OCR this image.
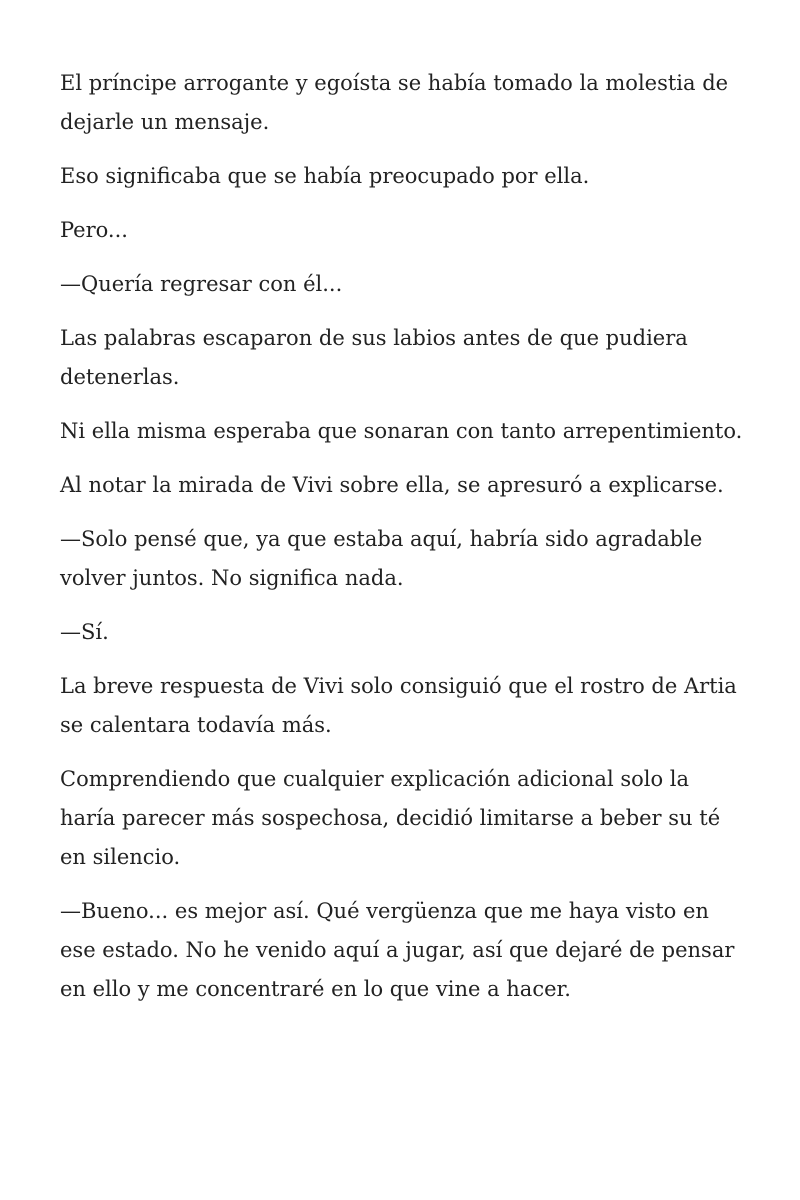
El príncipe arrogante y egoísta se había tomado la molestia de dejarle un mensaje.

Eso significaba que se había preocupado por ella.

Pero...

—Quería regresar con él...

Las palabras escaparon de sus labios antes de que pudiera detenerlas.

Ni ella misma esperaba que sonaran con tanto arrepentimiento.

Al notar la mirada de Vivi sobre ella, se apresuró a explicarse.

—Solo pensé que, ya que estaba aquí, habría sido agradable volver juntos. No significa nada.

—Sí.

La breve respuesta de Vivi solo consiguió que el rostro de Artia se calentara todavía más.

Comprendiendo que cualquier explicación adicional solo la haría parecer más sospechosa, decidió limitarse a beber su té en silencio.

—Bueno... es mejor así. Qué vergüenza que me haya visto en ese estado. No he venido aquí a jugar, así que dejaré de pensar en ello y me concentraré en lo que vine a hacer.
